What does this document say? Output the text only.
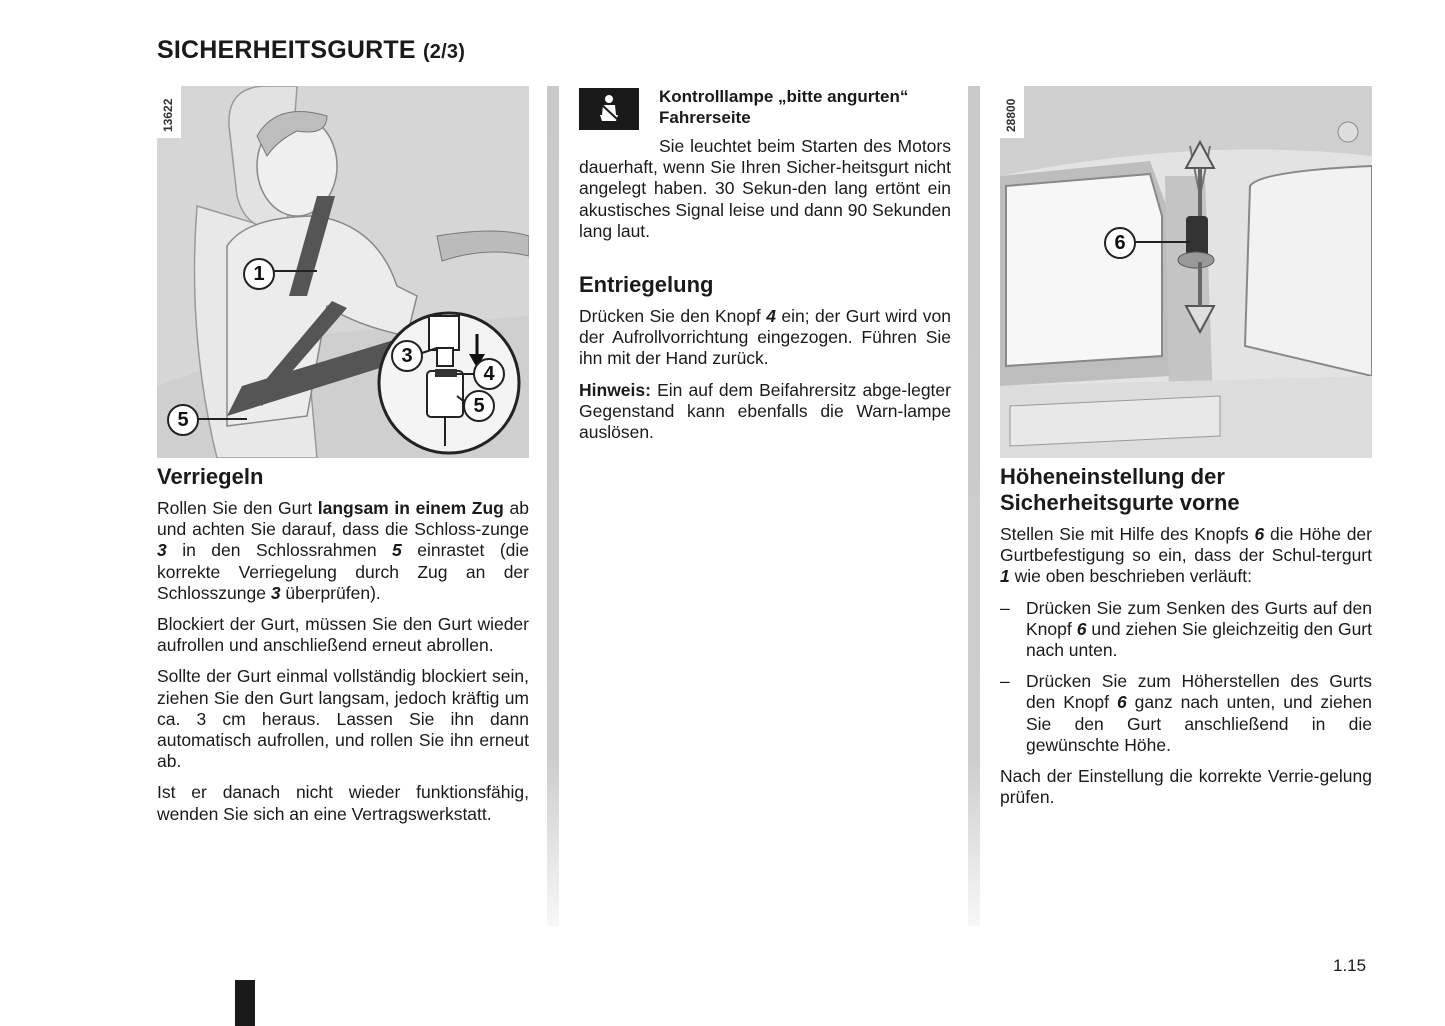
SICHERHEITSGURTE (2/3)
13622
1
3
4
5
5
Verriegeln

Rollen Sie den Gurt langsam in einem Zug ab und achten Sie darauf, dass die Schloss-zunge 3 in den Schlossrahmen 5 einrastet (die korrekte Verriegelung durch Zug an der Schlosszunge 3 überprüfen).

Blockiert der Gurt, müssen Sie den Gurt wieder aufrollen und anschließend erneut abrollen.

Sollte der Gurt einmal vollständig blockiert sein, ziehen Sie den Gurt langsam, jedoch kräftig um ca. 3 cm heraus. Lassen Sie ihn dann automatisch aufrollen, und rollen Sie ihn erneut ab.

Ist er danach nicht wieder funktionsfähig, wenden Sie sich an eine Vertragswerkstatt.

Kontrolllampe „bitte angurten“
Fahrerseite

Sie leuchtet beim Starten des Motors dauerhaft, wenn Sie Ihren Sicher-heitsgurt nicht angelegt haben. 30 Sekun-den lang ertönt ein akustisches Signal leise und dann 90 Sekunden lang laut.

Entriegelung

Drücken Sie den Knopf 4 ein; der Gurt wird von der Aufrollvorrichtung eingezogen. Führen Sie ihn mit der Hand zurück.

Hinweis: Ein auf dem Beifahrersitz abge-legter Gegenstand kann ebenfalls die Warn-lampe auslösen.

28800
6
Höheneinstellung der
Sicherheitsgurte vorne

Stellen Sie mit Hilfe des Knopfs 6 die Höhe der Gurtbefestigung so ein, dass der Schul-tergurt 1 wie oben beschrieben verläuft:

– Drücken Sie zum Senken des Gurts auf den Knopf 6 und ziehen Sie gleichzeitig den Gurt nach unten.
– Drücken Sie zum Höherstellen des Gurts den Knopf 6 ganz nach unten, und ziehen Sie den Gurt anschließend in die gewünschte Höhe.

Nach der Einstellung die korrekte Verrie-gelung prüfen.

1.15
